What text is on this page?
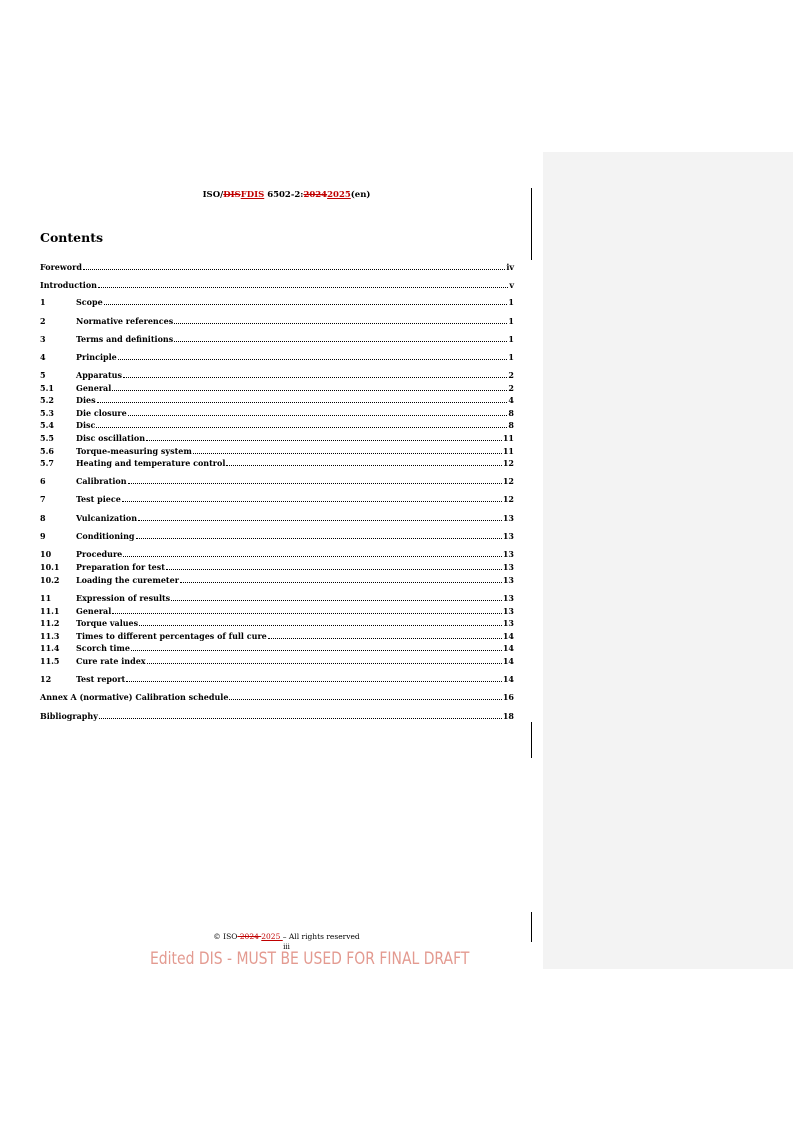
ISO/DISFDIS 6502-2:20242025(en)
Contents
Foreword	iv
Introduction	v
1	Scope	1
2	Normative references	1
3	Terms and definitions	1
4	Principle	1
5	Apparatus	2
5.1	General	2
5.2	Dies	4
5.3	Die closure	8
5.4	Disc	8
5.5	Disc oscillation	11
5.6	Torque-measuring system	11
5.7	Heating and temperature control	12
6	Calibration	12
7	Test piece	12
8	Vulcanization	13
9	Conditioning	13
10	Procedure	13
10.1	Preparation for test	13
10.2	Loading the curemeter	13
11	Expression of results	13
11.1	General	13
11.2	Torque values	13
11.3	Times to different percentages of full cure	14
11.4	Scorch time	14
11.5	Cure rate index	14
12	Test report	14
Annex A (normative) Calibration schedule	16
Bibliography	18
© ISO 2024 2025 – All rights reserved
iii
Edited DIS - MUST BE USED FOR FINAL DRAFT
